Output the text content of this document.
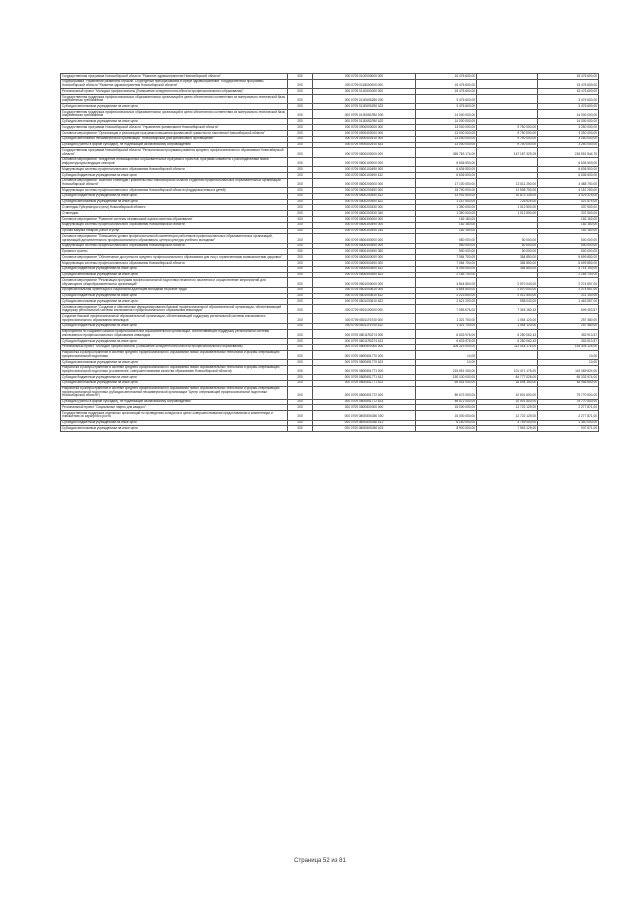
Государственная программа Новосибирской области "Развитие здравоохранения Новосибирской области"	200	000 0709 0100000000 000	15 476 600,00		15 476 600,00
Подпрограмма "Управление развитием отрасли. Структурные преобразования в сфере здравоохранения" государственной программы Новосибирской области "Развитие здравоохранения Новосибирской области"	200	000 0709 0118000000 000	15 476 600,00		15 476 600,00
Региональный проект "Молодые профессионалы (Повышение конкурентоспособности профессионального образования)"	200	000 0709 011Е600000 000	15 476 600,00		15 476 600,00
Государственная поддержка профессиональных образовательных организаций в целях обеспечения соответствия их материально-технической базы современным требованиям	200	000 0709 011Е6Л6250 000	3 476 600,00		3 476 600,00
Субсидии автономным учреждениям на иные цели	200	000 0709 011Е6Л6250 622	3 476 600,00		3 476 600,00
Государственная поддержка профессиональных образовательных организаций в целях обеспечения соответствия их материально-технической базы современным требованиям	200	000 0709 011Е652Л50 000	14 000 000,00		14 000 000,00
Субсидии автономным учреждениям на иные цели	200	000 0709 011Е652Л50 622	14 000 000,00		14 000 000,00
Государственная программа Новосибирской области "Управление финансами в Новосибирской области"	200	000 0709 0900000000 000	13 000 000,00	9 750 000,00	3 250 000,00
Основное мероприятие "Организация и реализация программ повышения финансовой грамотности населения Новосибирской области"	200	000 0709 0900400000 000	13 000 000,00	9 750 000,00	3 250 000,00
Субсидия автономной некоммерческой организации "Новосибирский Дом финансового просвещения"	200	000 0709 0900402910 000	13 000 000,00	9 750 000,00	3 250 000,00
Субсидии (гранты в форме субсидий), не подлежащие казначейскому сопровождению	200	000 0709 0900402910 633	13 000 000,00	9 750 000,00	3 250 000,00
Государственная программа Новосибирской области "Региональная программа развития среднего профессионального образования Новосибирской области"	200	000 0709 0800000000 000	365 783 174,00	147 187 329,25	218 591 844,75
Основное мероприятие "Внедрение инновационных образовательных программ и проектов, программ совместно с работодателями новой инфраструктуры ведущих секторов"	200	000 0709 0800100000 000	6 636 500,00		6 636 500,00
Модернизация системы профессионального образования Новосибирской области	200	000 0709 0800100490 000	6 636 500,00		6 636 500,00
Субсидии бюджетным учреждениям на иные цели	200	000 0709 0800100490 612	6 636 500,00		6 636 500,00
Основное мероприятие "Выплата стипендий Правительства Новосибирской области студентам профессиональных образовательных организаций Новосибирской области"	200	000 0709 0800200000 000	17 100 000,00	12 611 250,00	4 488 750,00
Модернизация системы профессионального образования Новосибирской области (поддержка семьи и детей)	200	000 0709 0800200490 000	15 750 000,00	11 598 750,00	4 151 250,00
Субсидии бюджетным учреждениям на иные цели	200	000 0709 0800200490 612	13 902 500,00	10 873 125,00	3 029 375,00
Субсидии автономным учреждениям на иные цели	200	000 0709 0800200490 622	1 147 500,00	725 625,00	421 875,00
Стипендии Губернатора и (или) Новосибирской области	200	000 0709 0800200330 000	1 350 000,00	1 012 500,00	337 500,00
Стипендии	200	000 0709 0800200330 340	1 350 000,00	1 012 500,00	337 500,00
Основное мероприятие "Развитие системы независимой оценки качества образования"	200	000 0709 0800300000 000	182 160,00		182 160,00
Модернизация системы профессионального образования Новосибирской области	200	000 0709 0800300490 000	182 160,00		182 160,00
Прочая закупка товаров, работ и услуг	200	000 0709 0800300490 244	182 160,00		182 160,00
Основное мероприятие "Повышение уровня профессиональной компетенции работников профессиональных образовательных организаций, организаций дополнительного профессионального образования, центра культуры учебного молодежи"	200	000 0709 0800400000 000	550 000,00	50 000,00	500 000,00
Модернизация системы профессионального образования Новосибирской области	200	000 0709 0800400490 000	550 000,00	50 000,00	500 000,00
Премии и гранты	200	000 0709 0800400490 350	550 000,00	50 000,00	500 000,00
Основное мероприятие "Обеспечение доступности среднего профессионального образования для лиц с ограниченными возможностями здоровья"	200	000 0709 0800500000 000	7 084 700,00	384 850,00	6 699 850,00
Модернизация системы профессионального образования Новосибирской области	200	000 0709 0800500490 000	7 084 700,00	384 850,00	6 699 850,00
Субсидии бюджетным учреждениям на иные цели	200	000 0709 0800500490 612	5 099 000,00	384 850,00	4 714 150,00
Субсидии автономным учреждениям на иные цели	200	000 0709 0800500490 622	2 185 700,00		2 185 700,00
Основное мероприятие "Реализация программ профессиональной подготовки незанятого населения и осуществление мероприятий для обучающихся общеобразовательных организаций"	200	000 0709 0801000000 000	4 844 800,00	2 570 043,00	2 274 657,00
Профессиональная ориентация и социальная адаптация молодежи на рынке труда	200	000 0709 0801000610 000	4 844 800,00	2 570 043,00	2 274 657,00
Субсидии бюджетным учреждениям на иные цели	200	000 0709 0801000610 612	2 223 600,00	2 012 500,00	211 100,00
Субсидии автономным учреждениям на иные цели	200	000 0709 0801000610 622	2 621 200,00	558 043,00	1 463 557,00
Основное мероприятие "Создание и обеспечение функционирования базовой профессиональной образовательной организации, обеспечивающей поддержку региональной системы инклюзивного профессионального образования инвалидов"	200	000 0709 0801100000 000	7 955 676,00	7 345 182,43	609 493,57
Создание базовой профессиональной образовательной организации, обеспечивающей поддержку региональной системы инклюзивного профессионального образования инвалидов	200	000 0709 08011Г6740 000	1 321 700,00	1 064 120,00	257 480,00
Субсидии бюджетным учреждениям на иные цели	200	000 0709 08011Г6740 612	1 321 700,00	1 064 120,00	257 480,00
Мероприятия по созданию базовой профессиональной образовательной организации, обеспечивающей поддержку региональной системы инклюзивного профессионального образования инвалидов	200	000 0709 08011R0274 000	6 633 976,00	6 280 062,43	353 913,57
Субсидии бюджетным учреждениям на иные цели	200	000 0709 08011R0274 612	6 633 976,00	6 280 062,43	353 913,57
Региональный проект "Молодые профессионалы (Повышение конкурентоспособности профессионального образования)"	200	000 0709 080Е600000 000	305 323 000,00	112 018 176,00	193 305 124,00
Разработка и распространение в системе среднего профессионального образования новых образовательных технологий и формы опережающей профессиональной подготовки	200	000 0709 080Е651770 000	10,00		10,00
Субсидии автономным учреждениям на иные цели	200	000 0709 080Е651770 622	10,00		10,00
Разработка и распространение в системе среднего профессионального образования новых образовательных технологий и формы опережающей профессиональной подготовки (и изменение, совершенствование качества образования Новосибирской области)	200	000 0709 080Е651771 000	215 651 000,00	101 471 175,00	115 369 824,00
Субсидии бюджетным учреждениям на иные цели	200	000 0709 080Е651771 612	150 100 000,00	84 777 026,00	65 332 974,00
Субсидии автономным учреждениям на иные цели	200	000 0709 080Е651771 622	65 551 000,00	16 694 150,00	48 956 850,00
Разработка и распространение в системе среднего профессионального образования новых образовательных технологий и формы опережающей профессиональной подготовки (субсидия автономной некоммерческой организации "Центр опережающей профессиональной подготовки Новосибирской области")	200	000 0709 080Е651772 000	89 672 000,00	10 601 600,00	79 770 500,00
Субсидии (гранты в форме субсидий), не подлежащие казначейскому сопровождению	200	000 0709 080Е651772 633	89 672 000,00	10 901 500,00	79 770 500,00
Региональный проект "Социальные лифты для каждого"	200	000 0709 080Е800000 000	15 000 000,00	12 722 129,00	2 277 871,00
Государственная поддержка отдельных организаций по проведению конкурсов в целях совершенствования предоставления и компетенции и повышению их карьерного роста	200	000 0709 080Е8Л6350 000	15 000 000,00	12 722 129,00	2 277 871,00
Субсидии бюджетным учреждениям на иные цели	200	000 0709 080Е8Л6350 612	6 150 000,00	4 759 000,00	1 340 000,00
Субсидии автономным учреждениям на иные цели	200	000 0709 080Е8Л6350 622	8 900 000,00	7 963 129,00	937 871,00
Страница 52 из 81
